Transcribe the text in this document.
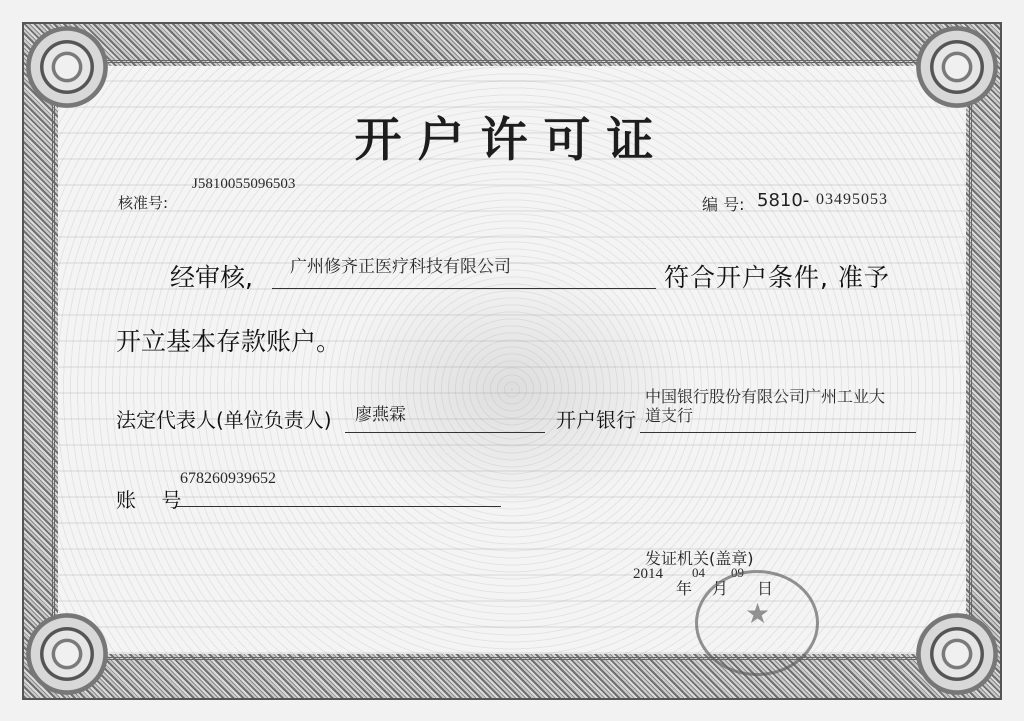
开户许可证
核准号:
J5810055096503
编 号: 5810- 03495053
经审核, 广州修齐正医疗科技有限公司	符合开户条件, 准予
开立基本存款账户。
法定代表人(单位负责人) 廖燕霖	开户银行
中国银行股份有限公司广州工业大
道支行
账    号
678260939652
发证机关(盖章)
2014
年
04
月
09
日
★
